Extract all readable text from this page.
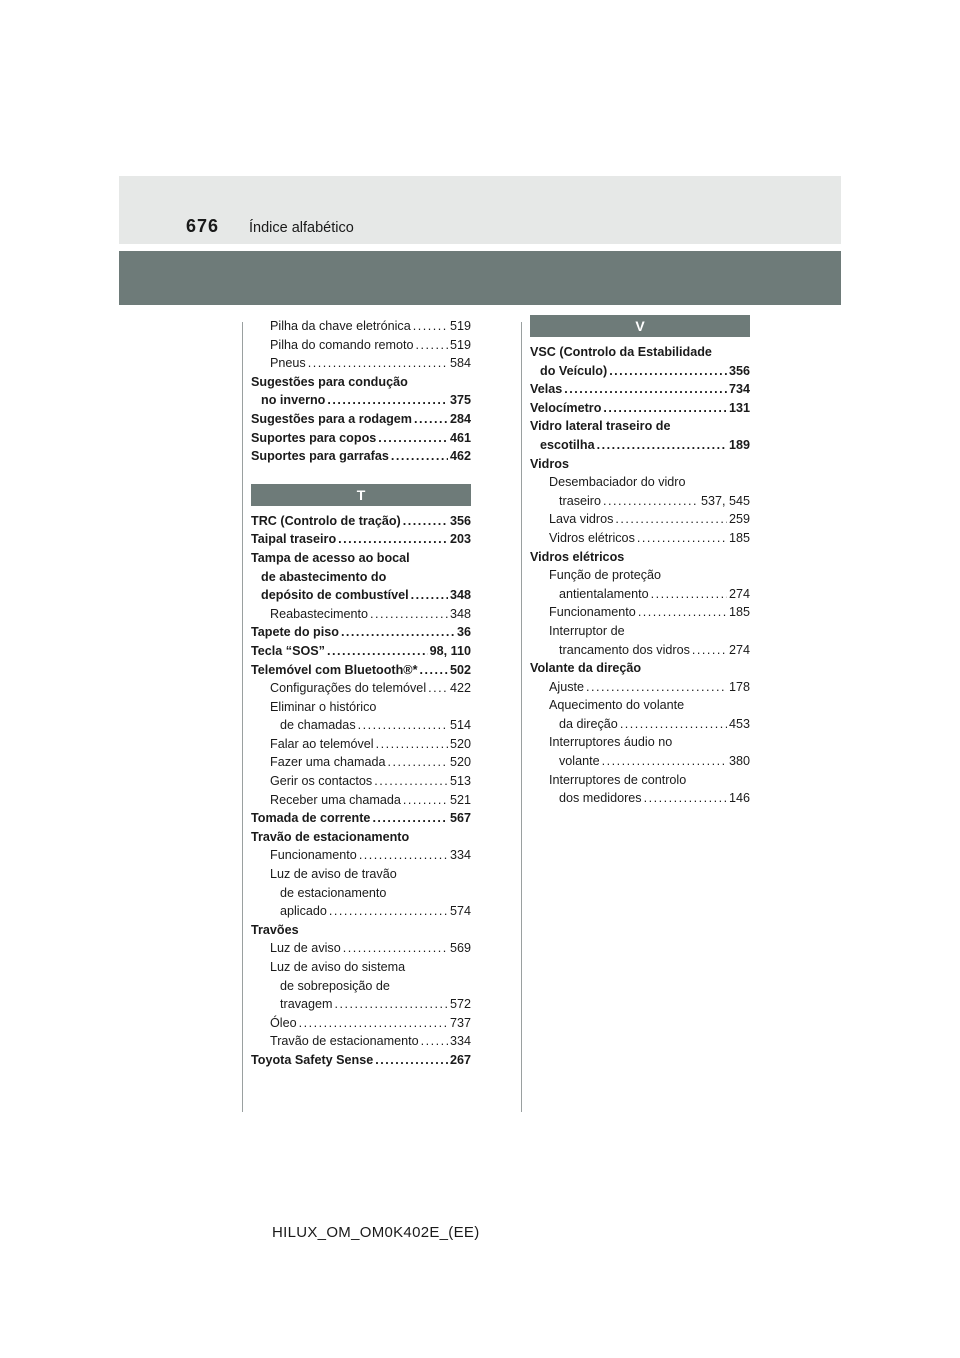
676 Índice alfabético
Pilha da chave eletrónica .....	519
Pilha do comando remoto .....	519
Pneus .....	584
Sugestões para condução
no inverno .....	375
Sugestões para a rodagem .....	284
Suportes para copos .....	461
Suportes para garrafas .....	462
T
TRC (Controlo de tração) .....	356
Taipal traseiro .....	203
Tampa de acesso ao bocal
de abastecimento do
depósito de combustível .....	348
Reabastecimento .....	348
Tapete do piso .....	36
Tecla “SOS” .....	98, 110
Telemóvel com Bluetooth®* .....	502
Configurações do telemóvel ..... 422
Eliminar o histórico
de chamadas .....	514
Falar ao telemóvel .....	520
Fazer uma chamada .....	520
Gerir os contactos .....	513
Receber uma chamada .....	521
Tomada de corrente .....	567
Travão de estacionamento
Funcionamento .....	334
Luz de aviso de travão
de estacionamento
aplicado .....	574
Travões
Luz de aviso .....	569
Luz de aviso do sistema
de sobreposição de
travagem .....	572
Óleo .....	737
Travão de estacionamento ..... 334
Toyota Safety Sense .....	267
V
VSC (Controlo da Estabilidade
do Veículo) .....	356
Velas .....	734
Velocímetro .....	131
Vidro lateral traseiro de
escotilha .....	189
Vidros
Desembaciador do vidro
traseiro .....	537, 545
Lava vidros .....	259
Vidros elétricos .....	185
Vidros elétricos
Função de proteção
antientalamento .....	274
Funcionamento .....	185
Interruptor de
trancamento dos vidros .....	274
Volante da direção
Ajuste .....	178
Aquecimento do volante
da direção .....	453
Interruptores áudio no
volante .....	380
Interruptores de controlo
dos medidores .....	146
HILUX_OM_OM0K402E_(EE)
